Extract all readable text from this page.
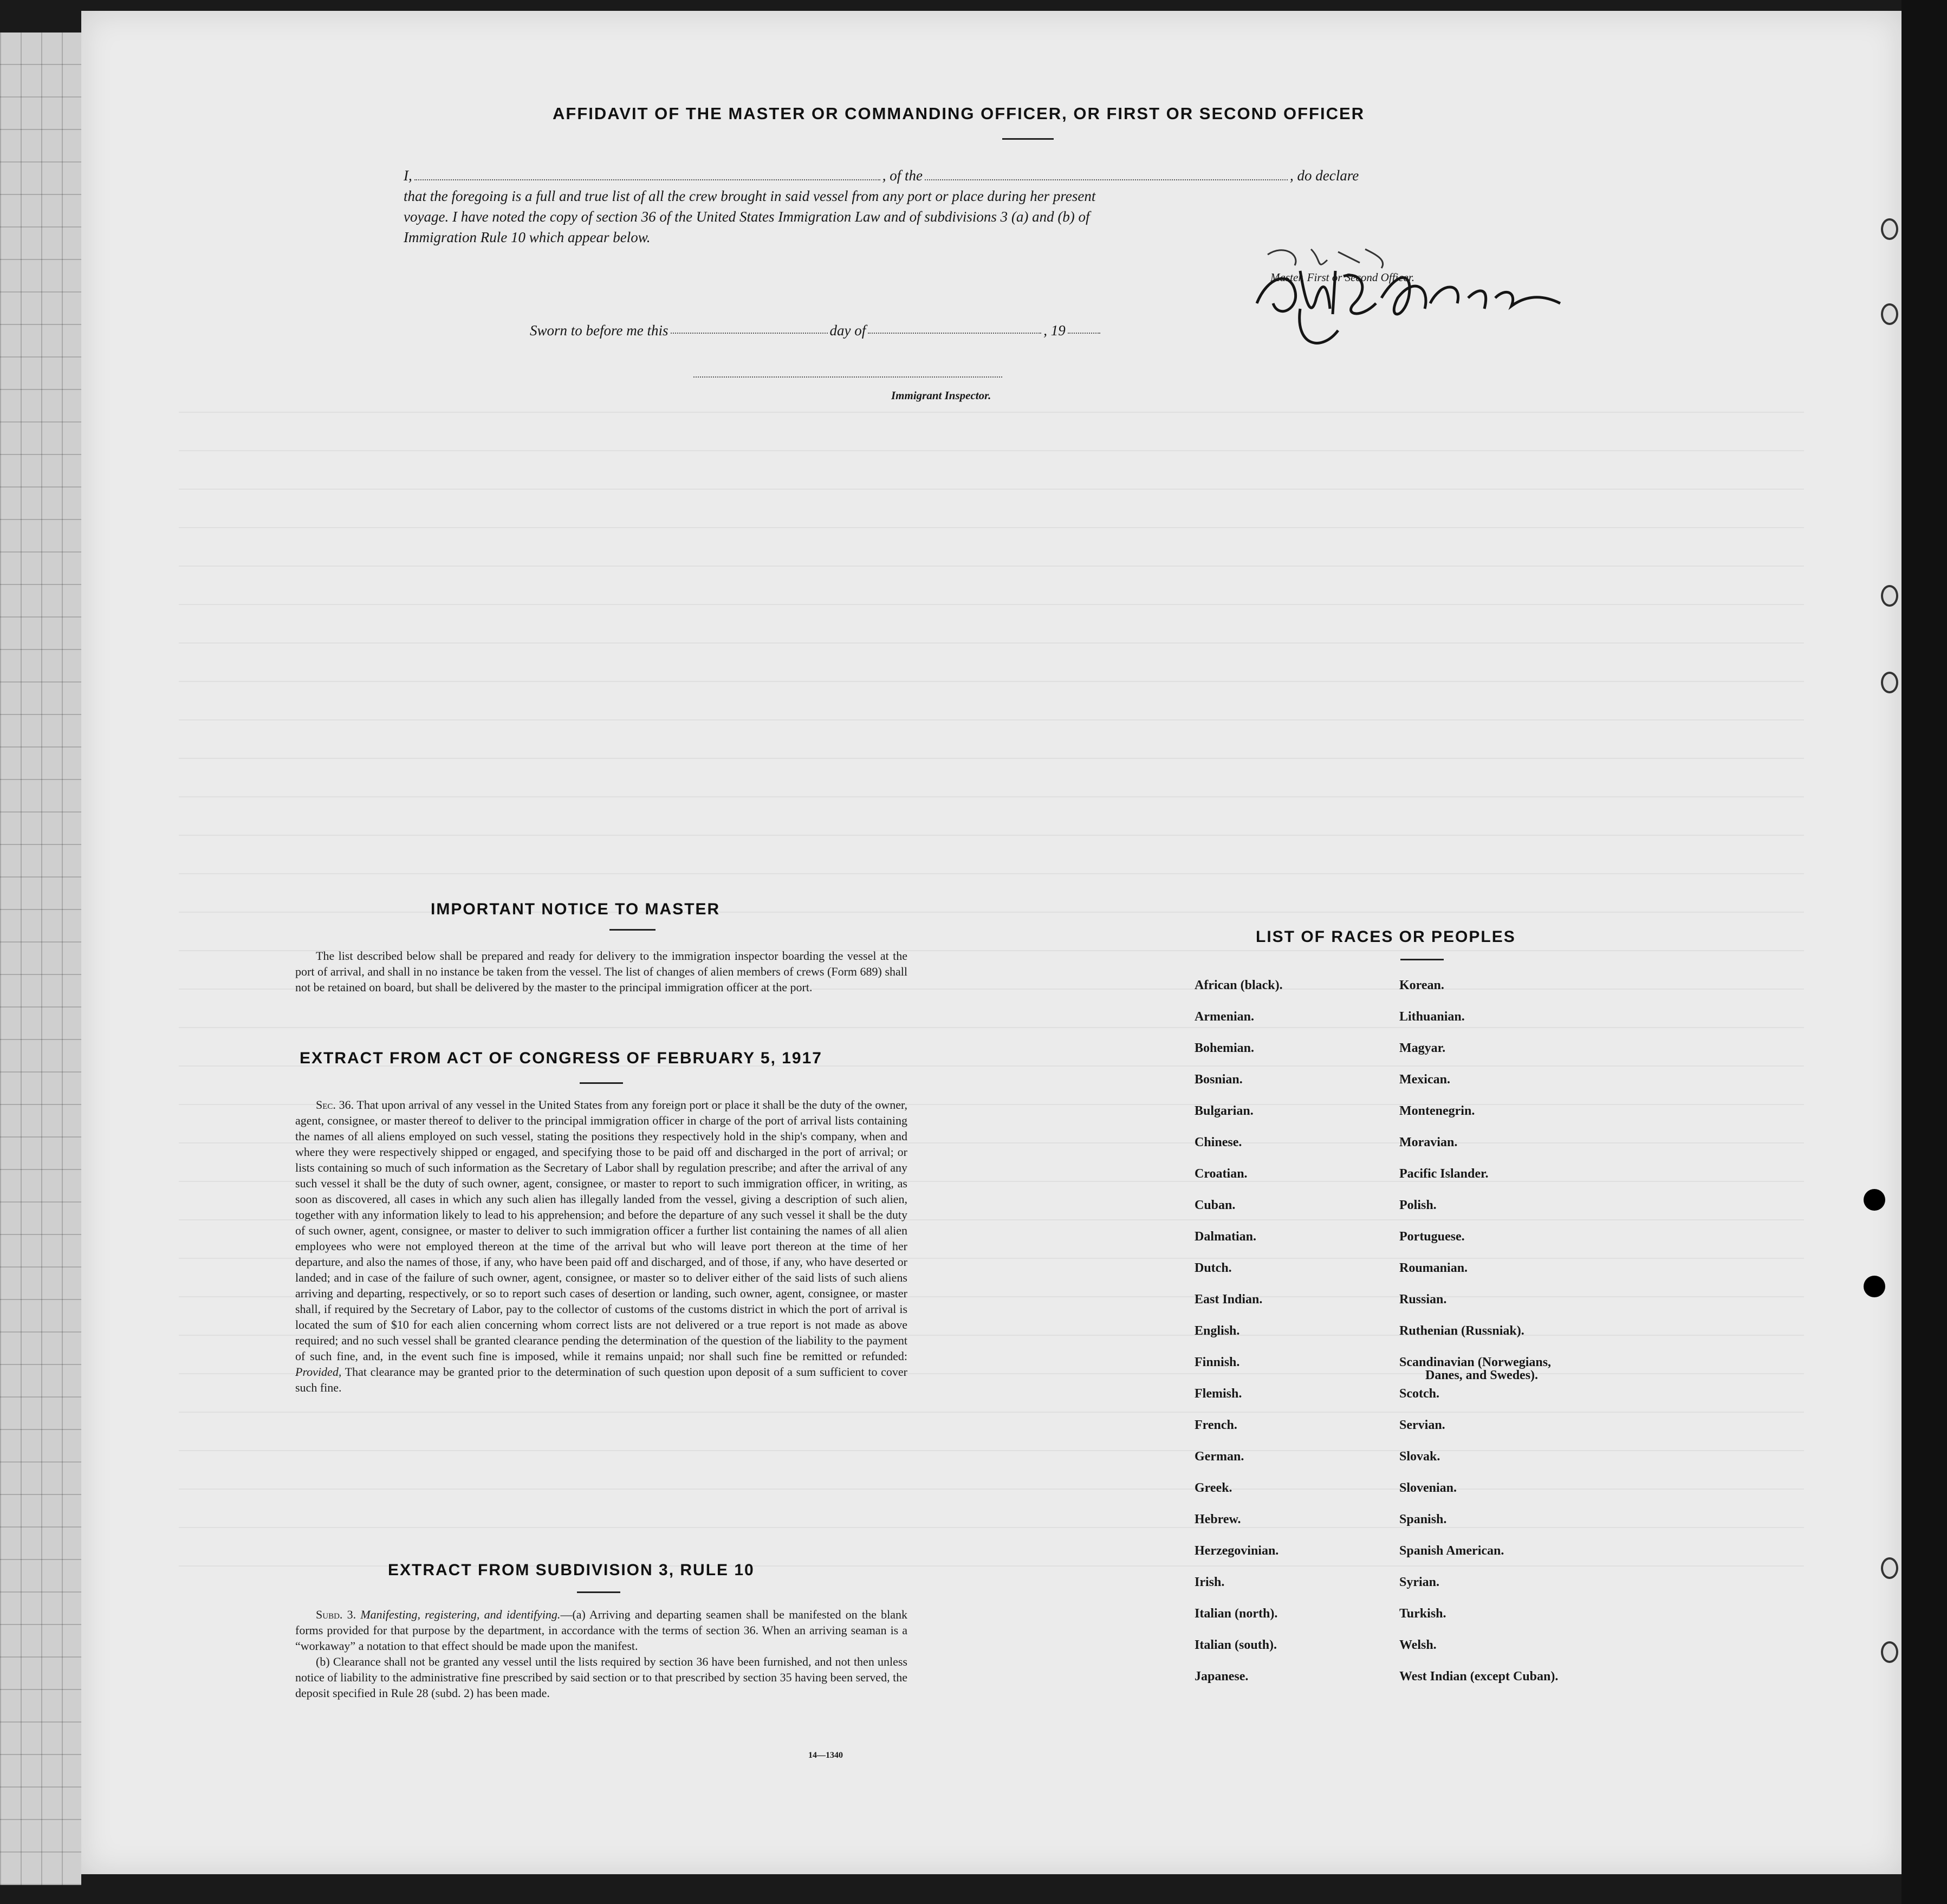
AFFIDAVIT OF THE MASTER OR COMMANDING OFFICER, OR FIRST OR SECOND OFFICER
I,	, of the	, do declare
that the foregoing is a full and true list of all the crew brought in said vessel from any port or place during her present
voyage. I have noted the copy of section 36 of the United States Immigration Law and of subdivisions 3 (a) and (b) of
Immigration Rule 10 which appear below.
Master, First or Second Officer.
Sworn to before me this	day of	, 19
Immigrant Inspector.
IMPORTANT NOTICE TO MASTER
The list described below shall be prepared and ready for delivery to the immigration inspector boarding the vessel at the port of arrival, and shall in no instance be taken from the vessel. The list of changes of alien members of crews (Form 689) shall not be retained on board, but shall be delivered by the master to the principal immigration officer at the port.
EXTRACT FROM ACT OF CONGRESS OF FEBRUARY 5, 1917
Sec. 36. That upon arrival of any vessel in the United States from any foreign port or place it shall be the duty of the owner, agent, consignee, or master thereof to deliver to the principal immigration officer in charge of the port of arrival lists containing the names of all aliens employed on such vessel, stating the positions they respectively hold in the ship's company, when and where they were respectively shipped or engaged, and specifying those to be paid off and discharged in the port of arrival; or lists containing so much of such information as the Secretary of Labor shall by regulation prescribe; and after the arrival of any such vessel it shall be the duty of such owner, agent, consignee, or master to report to such immigration officer, in writing, as soon as discovered, all cases in which any such alien has illegally landed from the vessel, giving a description of such alien, together with any information likely to lead to his apprehension; and before the departure of any such vessel it shall be the duty of such owner, agent, consignee, or master to deliver to such immigration officer a further list containing the names of all alien employees who were not employed thereon at the time of the arrival but who will leave port thereon at the time of her departure, and also the names of those, if any, who have been paid off and discharged, and of those, if any, who have deserted or landed; and in case of the failure of such owner, agent, consignee, or master so to deliver either of the said lists of such aliens arriving and departing, respectively, or so to report such cases of desertion or landing, such owner, agent, consignee, or master shall, if required by the Secretary of Labor, pay to the collector of customs of the customs district in which the port of arrival is located the sum of $10 for each alien concerning whom correct lists are not delivered or a true report is not made as above required; and no such vessel shall be granted clearance pending the determination of the question of the liability to the payment of such fine, and, in the event such fine is imposed, while it remains unpaid; nor shall such fine be remitted or refunded: Provided, That clearance may be granted prior to the determination of such question upon deposit of a sum sufficient to cover such fine.
EXTRACT FROM SUBDIVISION 3, RULE 10
Subd. 3. Manifesting, registering, and identifying.—(a) Arriving and departing seamen shall be manifested on the blank forms provided for that purpose by the department, in accordance with the terms of section 36. When an arriving seaman is a “workaway” a notation to that effect should be made upon the manifest.
(b) Clearance shall not be granted any vessel until the lists required by section 36 have been furnished, and not then unless notice of liability to the administrative fine prescribed by said section or to that prescribed by section 35 having been served, the deposit specified in Rule 28 (subd. 2) has been made.
14—1340
LIST OF RACES OR PEOPLES
African (black).
Armenian.
Bohemian.
Bosnian.
Bulgarian.
Chinese.
Croatian.
Cuban.
Dalmatian.
Dutch.
East Indian.
English.
Finnish.
Flemish.
French.
German.
Greek.
Hebrew.
Herzegovinian.
Irish.
Italian (north).
Italian (south).
Japanese.
Korean.
Lithuanian.
Magyar.
Mexican.
Montenegrin.
Moravian.
Pacific Islander.
Polish.
Portuguese.
Roumanian.
Russian.
Ruthenian (Russniak).
Scandinavian (Norwegians,
Danes, and Swedes).
Scotch.
Servian.
Slovak.
Slovenian.
Spanish.
Spanish American.
Syrian.
Turkish.
Welsh.
West Indian (except Cuban).
